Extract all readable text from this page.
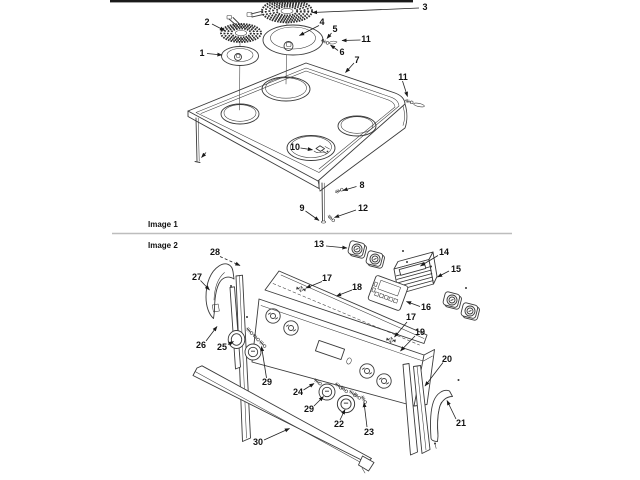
1
2
3
4
5
6
7
8
9
10
11
11
12
Image 1
Image 2	13
14
15
16
17
17
18
19
20
21
22
23
24
25
26
27
28
29
29
30
